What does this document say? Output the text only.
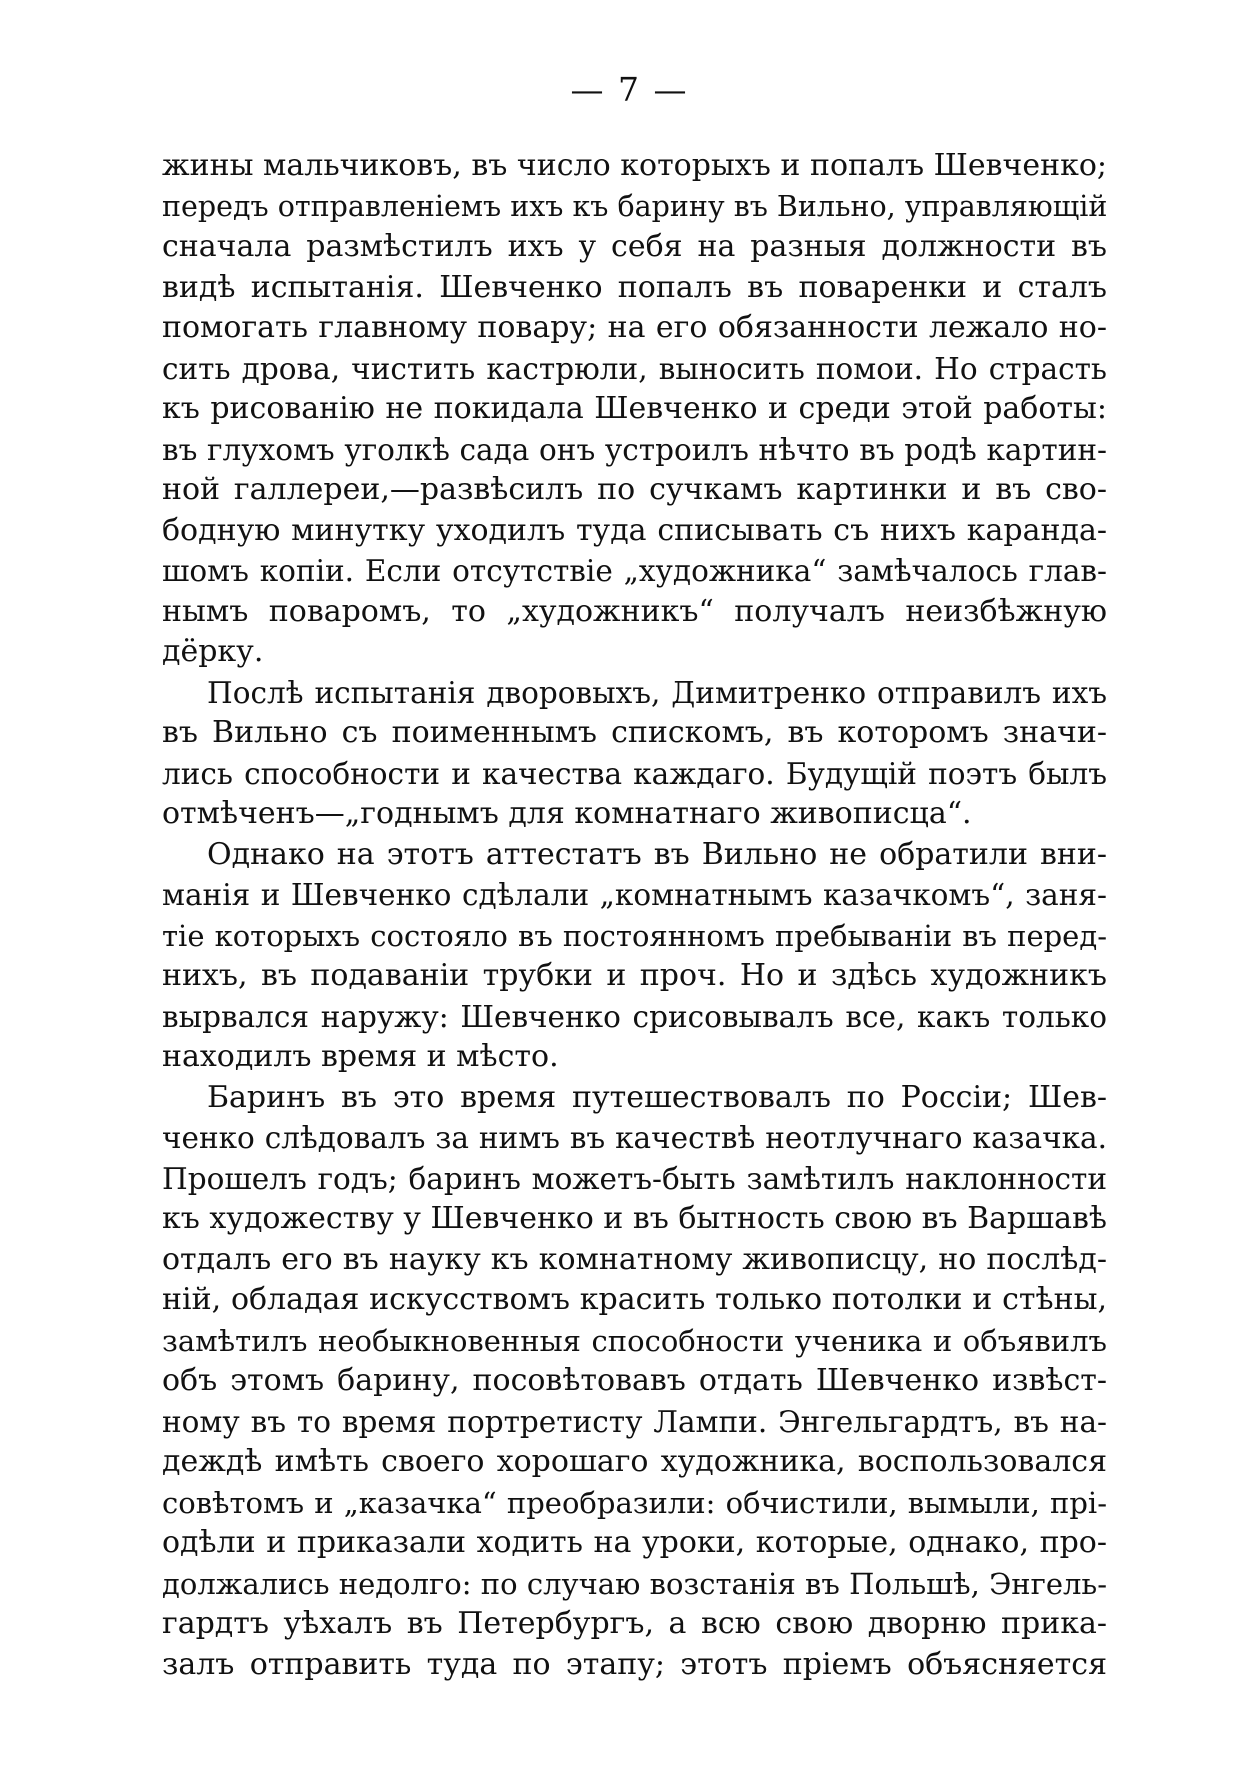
— 7 —
жины мальчиковъ, въ число которыхъ и попалъ Шевченко;
передъ отправленіемъ ихъ къ барину въ Вильно, управляющій
сначала размѣстилъ ихъ у себя на разныя должности въ
видѣ испытанія. Шевченко попалъ въ поваренки и сталъ
помогать главному повару; на его обязанности лежало но-
сить дрова, чистить кастрюли, выносить помои. Но страсть
къ рисованію не покидала Шевченко и среди этой работы:
въ глухомъ уголкѣ сада онъ устроилъ нѣчто въ родѣ картин-
ной галлереи,—развѣсилъ по сучкамъ картинки и въ сво-
бодную минутку уходилъ туда списывать съ нихъ каранда-
шомъ копіи. Если отсутствіе „художника“ замѣчалось глав-
нымъ поваромъ, то „художникъ“ получалъ неизбѣжную
дёрку.
Послѣ испытанія дворовыхъ, Димитренко отправилъ ихъ
въ Вильно съ поименнымъ спискомъ, въ которомъ значи-
лись способности и качества каждаго. Будущій поэтъ былъ
отмѣченъ—„годнымъ для комнатнаго живописца“.
Однако на этотъ аттестатъ въ Вильно не обратили вни-
манія и Шевченко сдѣлали „комнатнымъ казачкомъ“, заня-
тіе которыхъ состояло въ постоянномъ пребываніи въ перед-
нихъ, въ подаваніи трубки и проч. Но и здѣсь художникъ
вырвался наружу: Шевченко срисовывалъ все, какъ только
находилъ время и мѣсто.
Баринъ въ это время путешествовалъ по Россіи; Шев-
ченко слѣдовалъ за нимъ въ качествѣ неотлучнаго казачка.
Прошелъ годъ; баринъ можетъ-быть замѣтилъ наклонности
къ художеству у Шевченко и въ бытность свою въ Варшавѣ
отдалъ его въ науку къ комнатному живописцу, но послѣд-
ній, обладая искусствомъ красить только потолки и стѣны,
замѣтилъ необыкновенныя способности ученика и объявилъ
объ этомъ барину, посовѣтовавъ отдать Шевченко извѣст-
ному въ то время портретисту Лампи. Энгельгардтъ, въ на-
деждѣ имѣть своего хорошаго художника, воспользовался
совѣтомъ и „казачка“ преобразили: обчистили, вымыли, прі-
одѣли и приказали ходить на уроки, которые, однако, про-
должались недолго: по случаю возстанія въ Польшѣ, Энгель-
гардтъ уѣхалъ въ Петербургъ, а всю свою дворню прика-
залъ отправить туда по этапу; этотъ пріемъ объясняется
